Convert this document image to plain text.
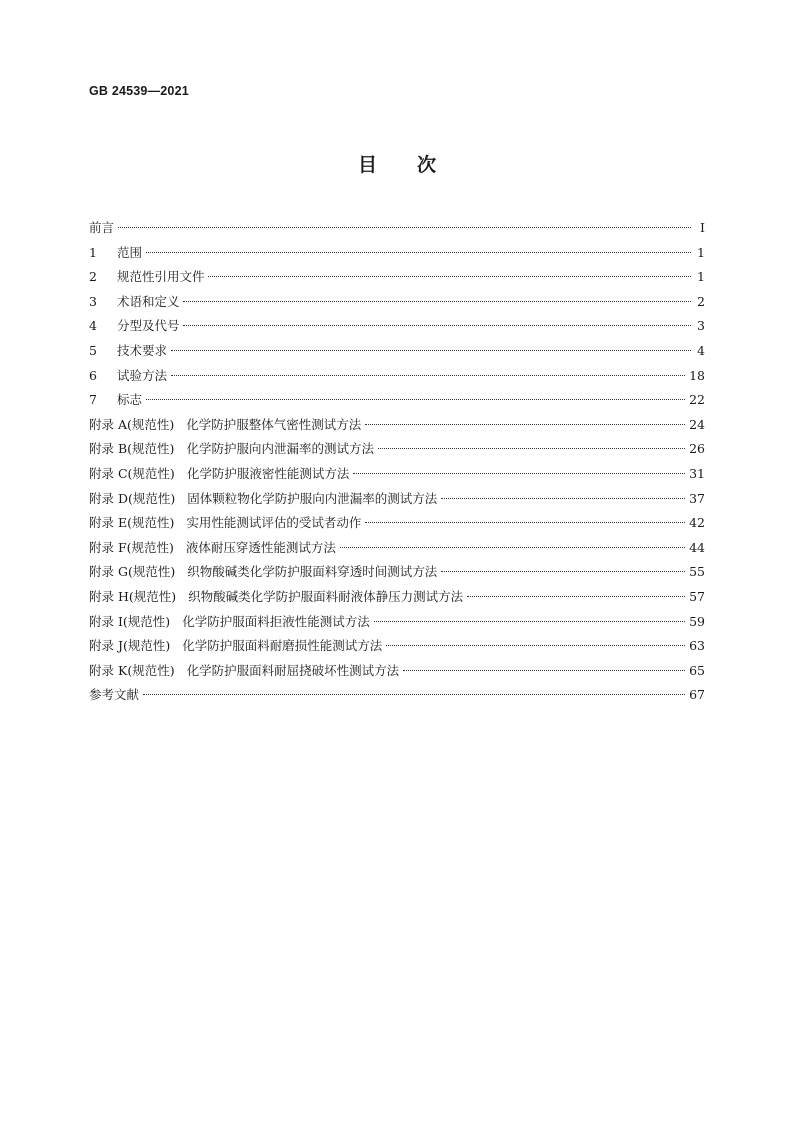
GB 24539—2021
目 次
前言	Ⅰ
1 范围	1
2 规范性引用文件	1
3 术语和定义	2
4 分型及代号	3
5 技术要求	4
6 试验方法	18
7 标志	22
附录 A(规范性) 化学防护服整体气密性测试方法	24
附录 B(规范性) 化学防护服向内泄漏率的测试方法	26
附录 C(规范性) 化学防护服液密性能测试方法	31
附录 D(规范性) 固体颗粒物化学防护服向内泄漏率的测试方法	37
附录 E(规范性) 实用性能测试评估的受试者动作	42
附录 F(规范性) 液体耐压穿透性能测试方法	44
附录 G(规范性) 织物酸碱类化学防护服面料穿透时间测试方法	55
附录 H(规范性) 织物酸碱类化学防护服面料耐液体静压力测试方法	57
附录 I(规范性) 化学防护服面料拒液性能测试方法	59
附录 J(规范性) 化学防护服面料耐磨损性能测试方法	63
附录 K(规范性) 化学防护服面料耐屈挠破坏性测试方法	65
参考文献	67
